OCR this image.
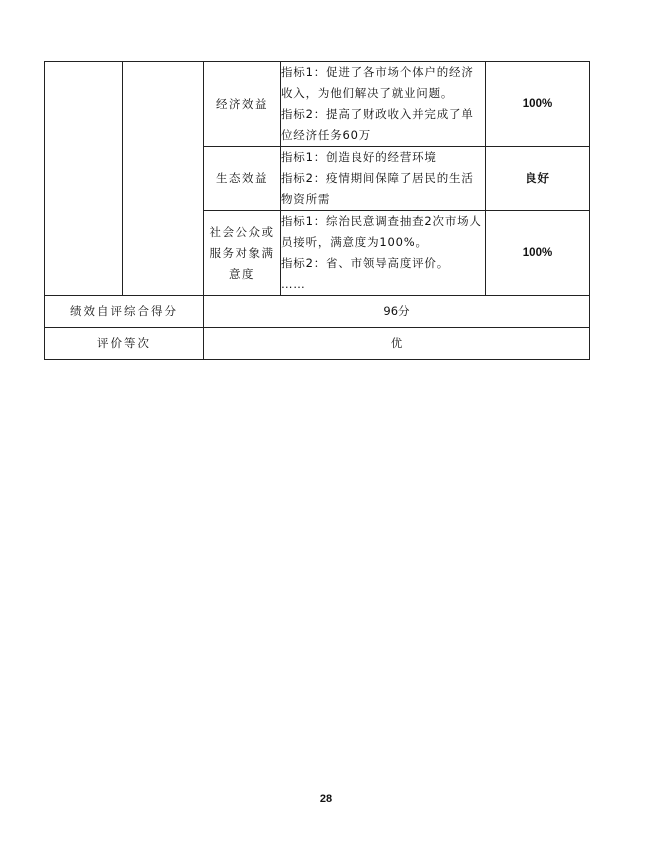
		经济效益	指标1：促进了各市场个体户的经济
收入，为他们解决了就业问题。
指标2：提高了财政收入并完成了单
位经济任务60万	100%
		生态效益	指标1：创造良好的经营环境
指标2：疫情期间保障了居民的生活
物资所需	良好

		社会公众或
服务对象满
意度	指标1：综治民意调查抽查2次市场人
员接听，满意度为100%。
指标2：省、市领导高度评价。
……	100%
绩效自评综合得分		96分		
评价等次		优		
28
